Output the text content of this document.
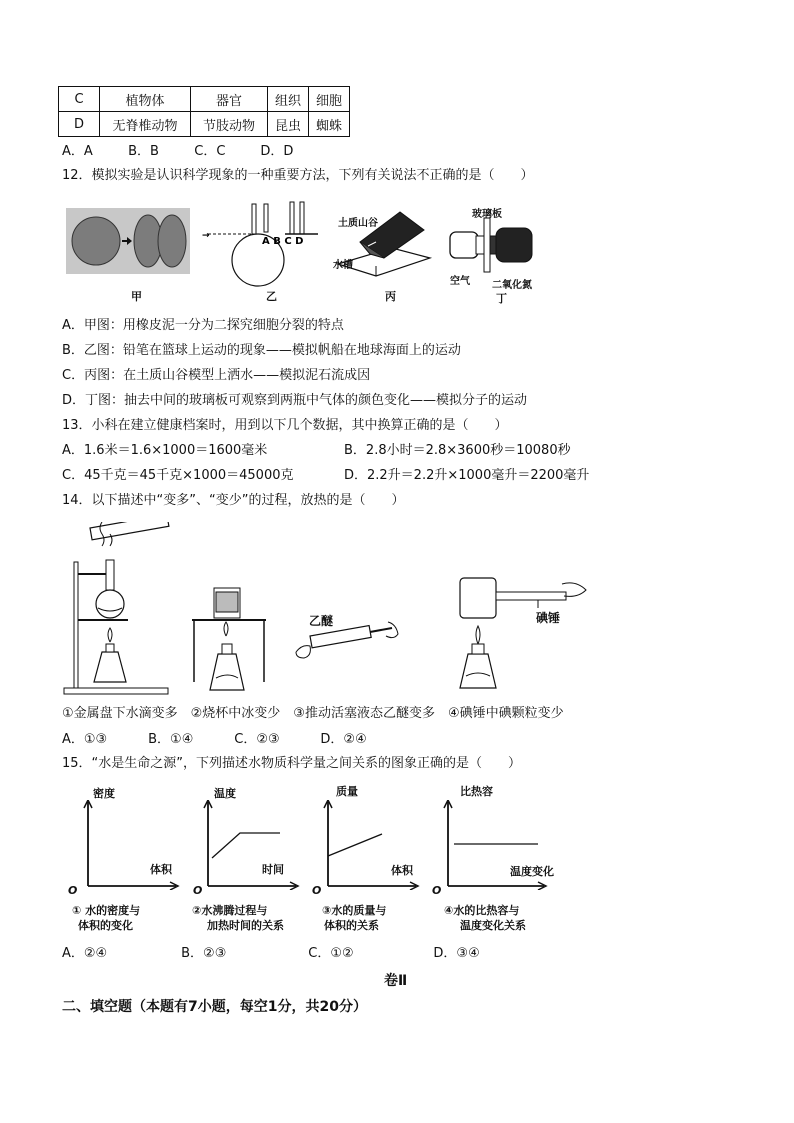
C	植物体	器官	组织	细胞
D	无脊椎动物	节肢动物	昆虫	蜘蛛
A．A	B．B	C．C	D．D
12．模拟实验是认识科学现象的一种重要方法，下列有关说法不正确的是（　　）
甲
A B C D
→
乙
土质山谷
水槽
丙
玻璃板
空气 二氧化氮
丁
A．甲图：用橡皮泥一分为二探究细胞分裂的特点
B．乙图：铅笔在篮球上运动的现象——模拟帆船在地球海面上的运动
C．丙图：在土质山谷模型上洒水——模拟泥石流成因
D．丁图：抽去中间的玻璃板可观察到两瓶中气体的颜色变化——模拟分子的运动
13．小科在建立健康档案时，用到以下几个数据，其中换算正确的是（　　）
A．1.6米＝1.6×1000＝1600毫米	B．2.8小时＝2.8×3600秒＝10080秒
C．45千克＝45千克×1000＝45000克	D．2.2升＝2.2升×1000毫升＝2200毫升
14．以下描述中“变多”、“变少”的过程，放热的是（　　）
乙醚	碘锤
①金属盘下水滴变多　②烧杯中冰变少　③推动活塞液态乙醚变多　④碘锤中碘颗粒变少
A．①③	B．①④	C．②③	D．②④
15．“水是生命之源”，下列描述水物质科学量之间关系的图象正确的是（　　）
密度
体积
O
① 水的密度与
体积的变化
温度
时间
O
②水沸腾过程与
加热时间的关系
质量
体积
O
③水的质量与
体积的关系
比热容
温度变化
O
④水的比热容与
温度变化关系
A．②④	B．②③	C．①②	D．③④
卷Ⅱ
二、填空题（本题有7小题，每空1分，共20分）
